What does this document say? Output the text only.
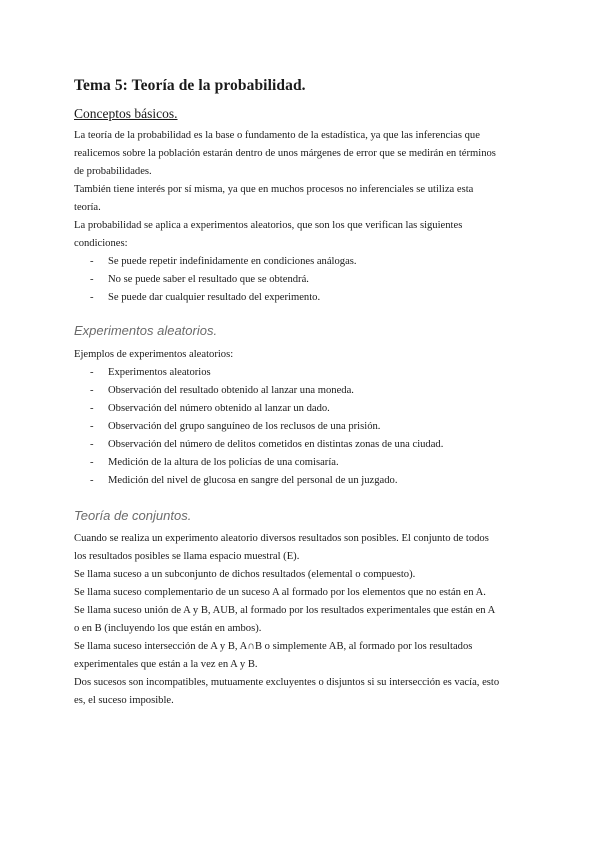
Tema 5: Teoría de la probabilidad.
Conceptos básicos.

La teoría de la probabilidad es la base o fundamento de la estadística, ya que las inferencias que

realicemos sobre la población estarán dentro de unos márgenes de error que se medirán en términos

de probabilidades.

También tiene interés por sí misma, ya que en muchos procesos no inferenciales se utiliza esta

teoría.

La probabilidad se aplica a experimentos aleatorios, que son los que verifican las siguientes

condiciones:

- Se puede repetir indefinidamente en condiciones análogas.
- No se puede saber el resultado que se obtendrá.
- Se puede dar cualquier resultado del experimento.
Experimentos aleatorios.

Ejemplos de experimentos aleatorios:

- Experimentos aleatorios
- Observación del resultado obtenido al lanzar una moneda.
- Observación del número obtenido al lanzar un dado.
- Observación del grupo sanguíneo de los reclusos de una prisión.
- Observación del número de delitos cometidos en distintas zonas de una ciudad.
- Medición de la altura de los policías de una comisaría.
- Medición del nivel de glucosa en sangre del personal de un juzgado.
Teoría de conjuntos.

Cuando se realiza un experimento aleatorio diversos resultados son posibles. El conjunto de todos

los resultados posibles se llama espacio muestral (E).

Se llama suceso a un subconjunto de dichos resultados (elemental o compuesto).

Se llama suceso complementario de un suceso A al formado por los elementos que no están en A.

Se llama suceso unión de A y B, AUB, al formado por los resultados experimentales que están en A

o en B (incluyendo los que están en ambos).

Se llama suceso intersección de A y B, A∩B o simplemente AB, al formado por los resultados

experimentales que están a la vez en A y B.

Dos sucesos son incompatibles, mutuamente excluyentes o disjuntos si su intersección es vacía, esto

es, el suceso imposible.
